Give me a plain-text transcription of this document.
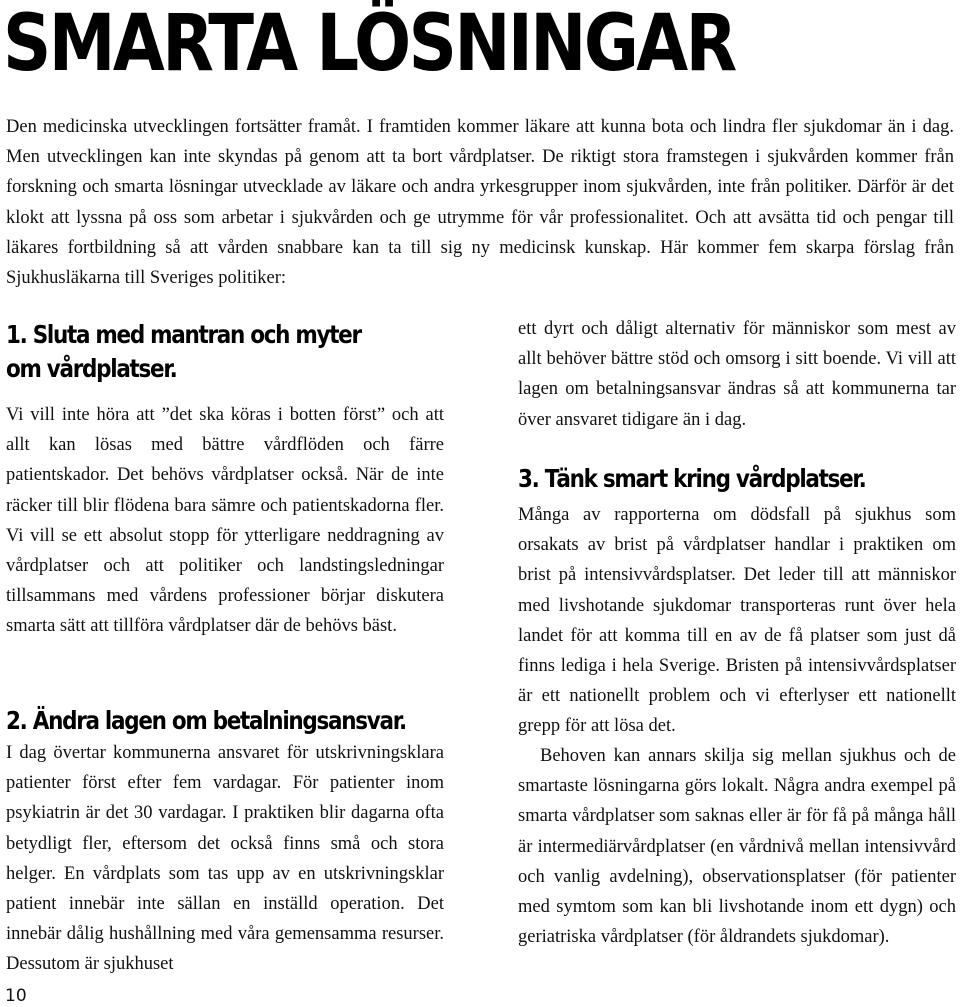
SMARTA LÖSNINGAR

Den medicinska utvecklingen fortsätter framåt. I framtiden kommer läkare att kunna bota och lindra fler sjukdomar än i dag. Men utvecklingen kan inte skyndas på genom att ta bort vårdplatser. De riktigt stora framstegen i sjukvården kommer från forskning och smarta lösningar utvecklade av läkare och andra yrkesgrupper inom sjukvården, inte från politiker. Därför är det klokt att lyssna på oss som arbetar i sjukvården och ge utrymme för vår professionalitet. Och att avsätta tid och pengar till läkares fortbildning så att vården snabbare kan ta till sig ny medicinsk kunskap. Här kommer fem skarpa förslag från Sjukhusläkarna till Sveriges politiker:

1. Sluta med mantran och myter
om vårdplatser.

Vi vill inte höra att ”det ska köras i botten först” och att allt kan lösas med bättre vårdflöden och färre patientskador. Det behövs vårdplatser också. När de inte räcker till blir flödena bara sämre och patientskadorna fler. Vi vill se ett absolut stopp för ytterligare neddragning av vårdplatser och att politiker och landstingsledningar tillsammans med vårdens professioner börjar diskutera smarta sätt att tillföra vårdplatser där de behövs bäst.

2. Ändra lagen om betalningsansvar.

I dag övertar kommunerna ansvaret för utskrivningsklara patienter först efter fem vardagar. För patienter inom psykiatrin är det 30 vardagar. I praktiken blir dagarna ofta betydligt fler, eftersom det också finns små och stora helger. En vårdplats som tas upp av en utskrivningsklar patient innebär inte sällan en inställd operation. Det innebär dålig hushållning med våra gemensamma resurser. Dessutom är sjukhuset

ett dyrt och dåligt alternativ för människor som mest av allt behöver bättre stöd och omsorg i sitt boende. Vi vill att lagen om betalningsansvar ändras så att kommunerna tar över ansvaret tidigare än i dag.

3. Tänk smart kring vårdplatser.

Många av rapporterna om dödsfall på sjukhus som orsakats av brist på vårdplatser handlar i praktiken om brist på intensivvårdsplatser. Det leder till att människor med livshotande sjukdomar transporteras runt över hela landet för att komma till en av de få platser som just då finns lediga i hela Sverige. Bristen på intensivvårdsplatser är ett nationellt problem och vi efterlyser ett nationellt grepp för att lösa det.

Behoven kan annars skilja sig mellan sjukhus och de smartaste lösningarna görs lokalt. Några andra exempel på smarta vårdplatser som saknas eller är för få på många håll är intermediärvårdplatser (en vårdnivå mellan intensivvård och vanlig avdelning), observationsplatser (för patienter med symtom som kan bli livshotande inom ett dygn) och geriatriska vårdplatser (för åldrandets sjukdomar).

10
